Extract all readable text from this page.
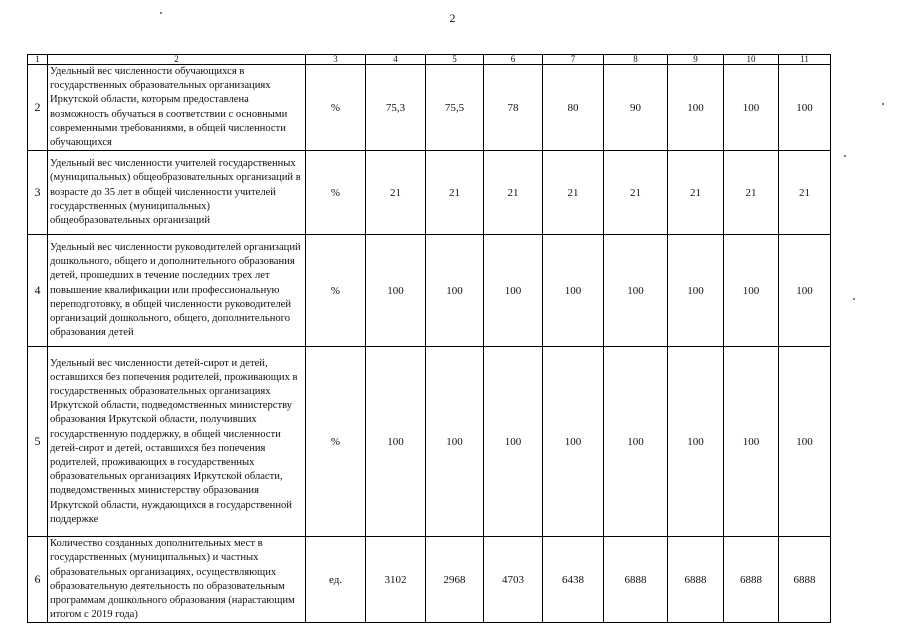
2
1	2	3	4	5	6	7	8	9	10	11
2	Удельный вес численности обучающихся в государственных образовательных организациях Иркутской области, которым предоставлена возможность обучаться в соответствии с основными современными требованиями, в общей численности обучающихся	%	75,3	75,5	78	80	90	100	100	100
3	Удельный вес численности учителей государственных (муниципальных) общеобразовательных организаций в возрасте до 35 лет в общей численности учителей государственных (муниципальных) общеобразовательных организаций	%	21	21	21	21	21	21	21	21
4	Удельный вес численности руководителей организаций дошкольного, общего и дополнительного образования детей, прошедших в течение последних трех лет повышение квалификации или профессиональную переподготовку, в общей численности руководителей организаций дошкольного, общего, дополнительного образования детей	%	100	100	100	100	100	100	100	100
5	Удельный вес численности детей-сирот и детей, оставшихся без попечения родителей, проживающих в государственных образовательных организациях Иркутской области, подведомственных министерству образования Иркутской области, получивших государственную поддержку, в общей численности детей-сирот и детей, оставшихся без попечения родителей, проживающих в государственных образовательных организациях Иркутской области, подведомственных министерству образования Иркутской области, нуждающихся в государственной поддержке	%	100	100	100	100	100	100	100	100
6	Количество созданных дополнительных мест в государственных (муниципальных) и частных образовательных организациях, осуществляющих образовательную деятельность по образовательным программам дошкольного образования (нарастающим итогом с 2019 года)	ед.	3102	2968	4703	6438	6888	6888	6888	6888
